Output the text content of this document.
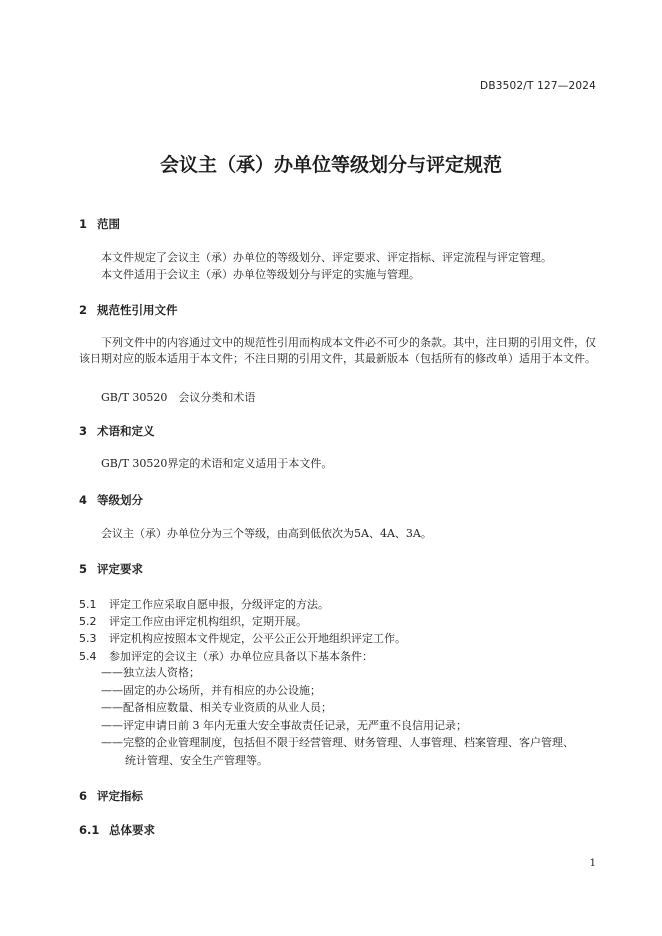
DB3502/T 127—2024
会议主（承）办单位等级划分与评定规范
1 范围
本文件规定了会议主（承）办单位的等级划分、评定要求、评定指标、评定流程与评定管理。
本文件适用于会议主（承）办单位等级划分与评定的实施与管理。
2 规范性引用文件
下列文件中的内容通过文中的规范性引用而构成本文件必不可少的条款。其中，注日期的引用文件，仅该日期对应的版本适用于本文件；不注日期的引用文件，其最新版本（包括所有的修改单）适用于本文件。
GB/T 30520　会议分类和术语
3 术语和定义
GB/T 30520界定的术语和定义适用于本文件。
4 等级划分
会议主（承）办单位分为三个等级，由高到低依次为5A、4A、3A。
5 评定要求
5.1 评定工作应采取自愿申报，分级评定的方法。
5.2 评定工作应由评定机构组织，定期开展。
5.3 评定机构应按照本文件规定，公平公正公开地组织评定工作。
5.4 参加评定的会议主（承）办单位应具备以下基本条件：
——独立法人资格；
——固定的办公场所，并有相应的办公设施；
——配备相应数量、相关专业资质的从业人员；
——评定申请日前 3 年内无重大安全事故责任记录，无严重不良信用记录；
——完整的企业管理制度，包括但不限于经营管理、财务管理、人事管理、档案管理、客户管理、
统计管理、安全生产管理等。
6 评定指标
6.1 总体要求
1
